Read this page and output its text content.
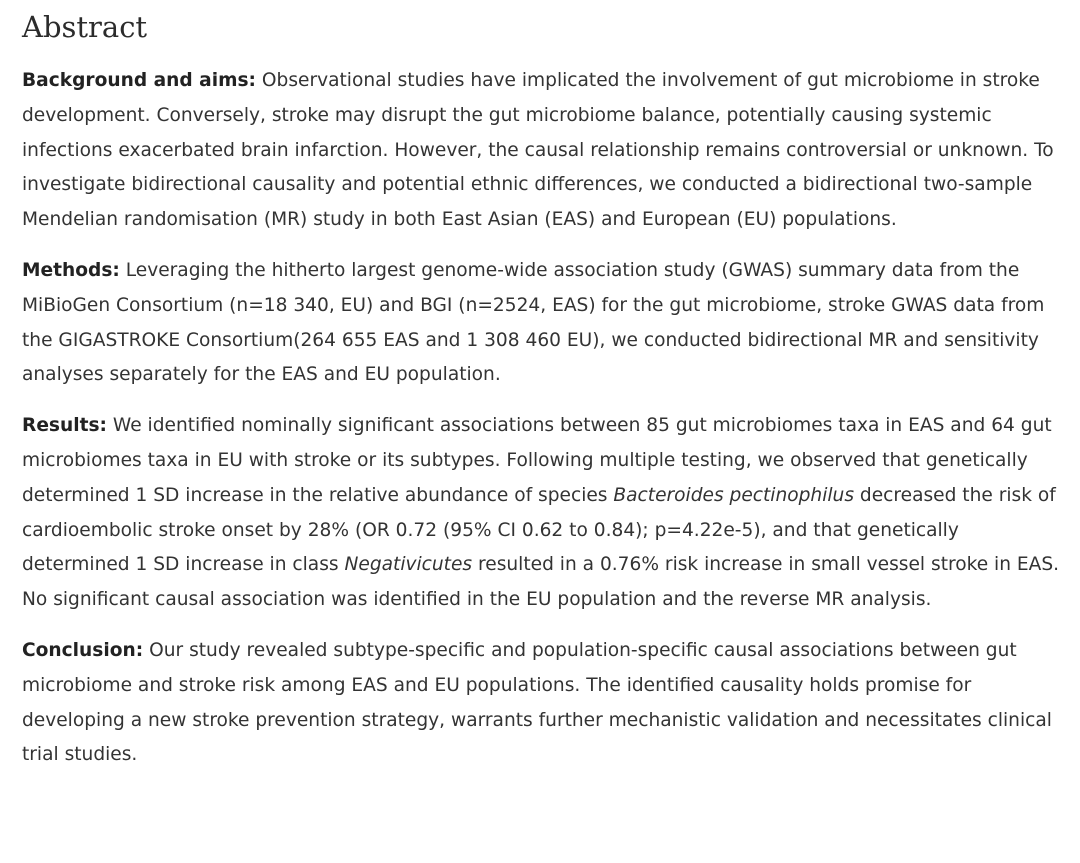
Abstract

Background and aims: Observational studies have implicated the involvement of gut microbiome in stroke development. Conversely, stroke may disrupt the gut microbiome balance, potentially causing systemic infections exacerbated brain infarction. However, the causal relationship remains controversial or unknown. To investigate bidirectional causality and potential ethnic differences, we conducted a bidirectional two-sample Mendelian randomisation (MR) study in both East Asian (EAS) and European (EU) populations.

Methods: Leveraging the hitherto largest genome-wide association study (GWAS) summary data from the MiBioGen Consortium (n=18 340, EU) and BGI (n=2524, EAS) for the gut microbiome, stroke GWAS data from the GIGASTROKE Consortium(264 655 EAS and 1 308 460 EU), we conducted bidirectional MR and sensitivity analyses separately for the EAS and EU population.

Results: We identified nominally significant associations between 85 gut microbiomes taxa in EAS and 64 gut microbiomes taxa in EU with stroke or its subtypes. Following multiple testing, we observed that genetically determined 1 SD increase in the relative abundance of species Bacteroides pectinophilus decreased the risk of cardioembolic stroke onset by 28% (OR 0.72 (95% CI 0.62 to 0.84); p=4.22e-5), and that genetically determined 1 SD increase in class Negativicutes resulted in a 0.76% risk increase in small vessel stroke in EAS. No significant causal association was identified in the EU population and the reverse MR analysis.

Conclusion: Our study revealed subtype-specific and population-specific causal associations between gut microbiome and stroke risk among EAS and EU populations. The identified causality holds promise for developing a new stroke prevention strategy, warrants further mechanistic validation and necessitates clinical trial studies.
